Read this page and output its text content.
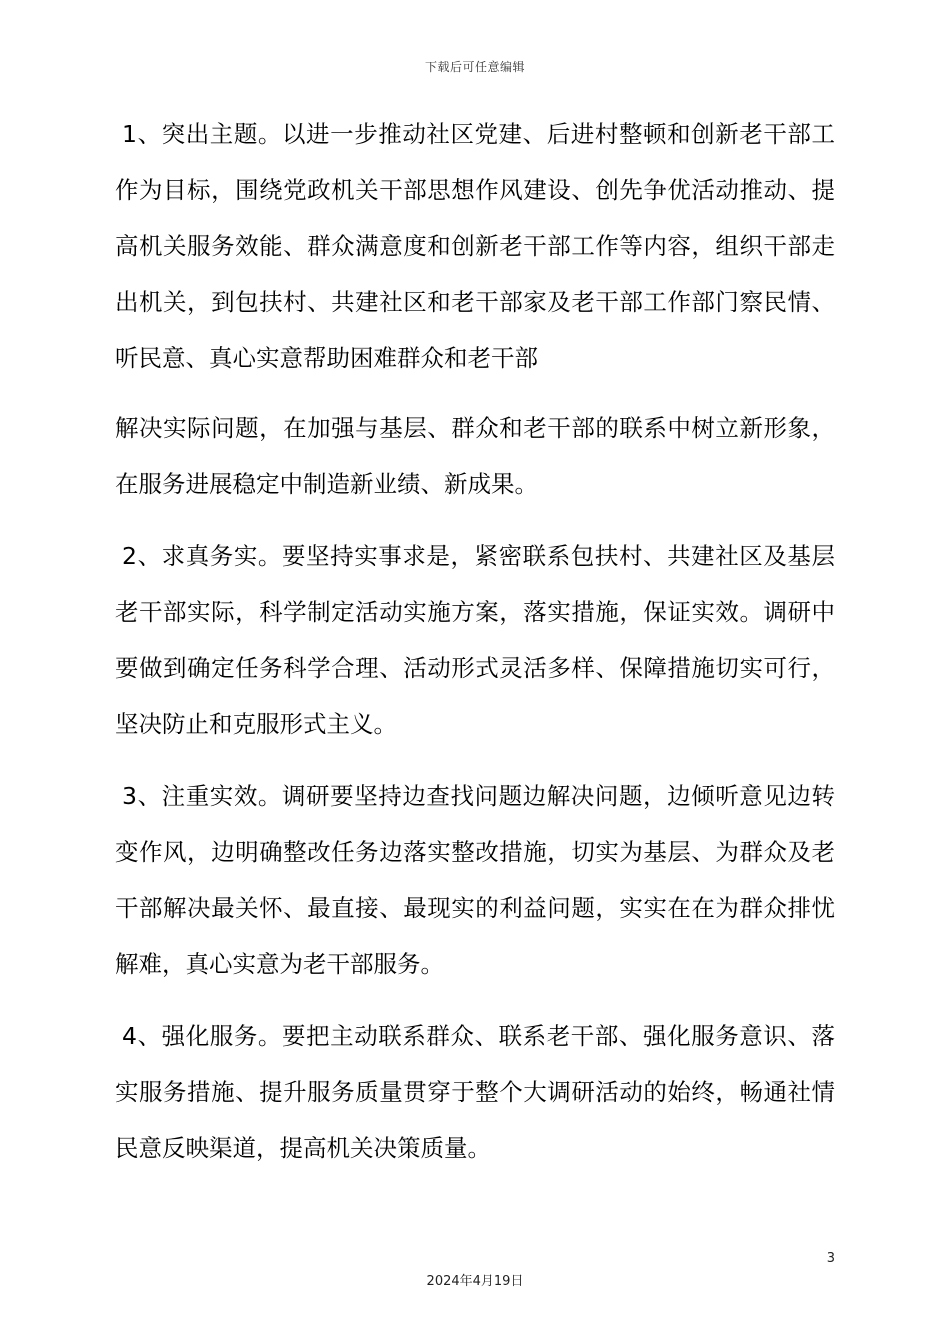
下载后可任意编辑

1、突出主题。以进一步推动社区党建、后进村整顿和创新老干部工作为目标，围绕党政机关干部思想作风建设、创先争优活动推动、提高机关服务效能、群众满意度和创新老干部工作等内容，组织干部走出机关，到包扶村、共建社区和老干部家及老干部工作部门察民情、听民意、真心实意帮助困难群众和老干部

解决实际问题，在加强与基层、群众和老干部的联系中树立新形象，在服务进展稳定中制造新业绩、新成果。

2、求真务实。要坚持实事求是，紧密联系包扶村、共建社区及基层老干部实际，科学制定活动实施方案，落实措施，保证实效。调研中要做到确定任务科学合理、活动形式灵活多样、保障措施切实可行，坚决防止和克服形式主义。

3、注重实效。调研要坚持边查找问题边解决问题，边倾听意见边转变作风，边明确整改任务边落实整改措施，切实为基层、为群众及老干部解决最关怀、最直接、最现实的利益问题，实实在在为群众排忧解难，真心实意为老干部服务。

4、强化服务。要把主动联系群众、联系老干部、强化服务意识、落实服务措施、提升服务质量贯穿于整个大调研活动的始终，畅通社情民意反映渠道，提高机关决策质量。

3
2024年4月19日
